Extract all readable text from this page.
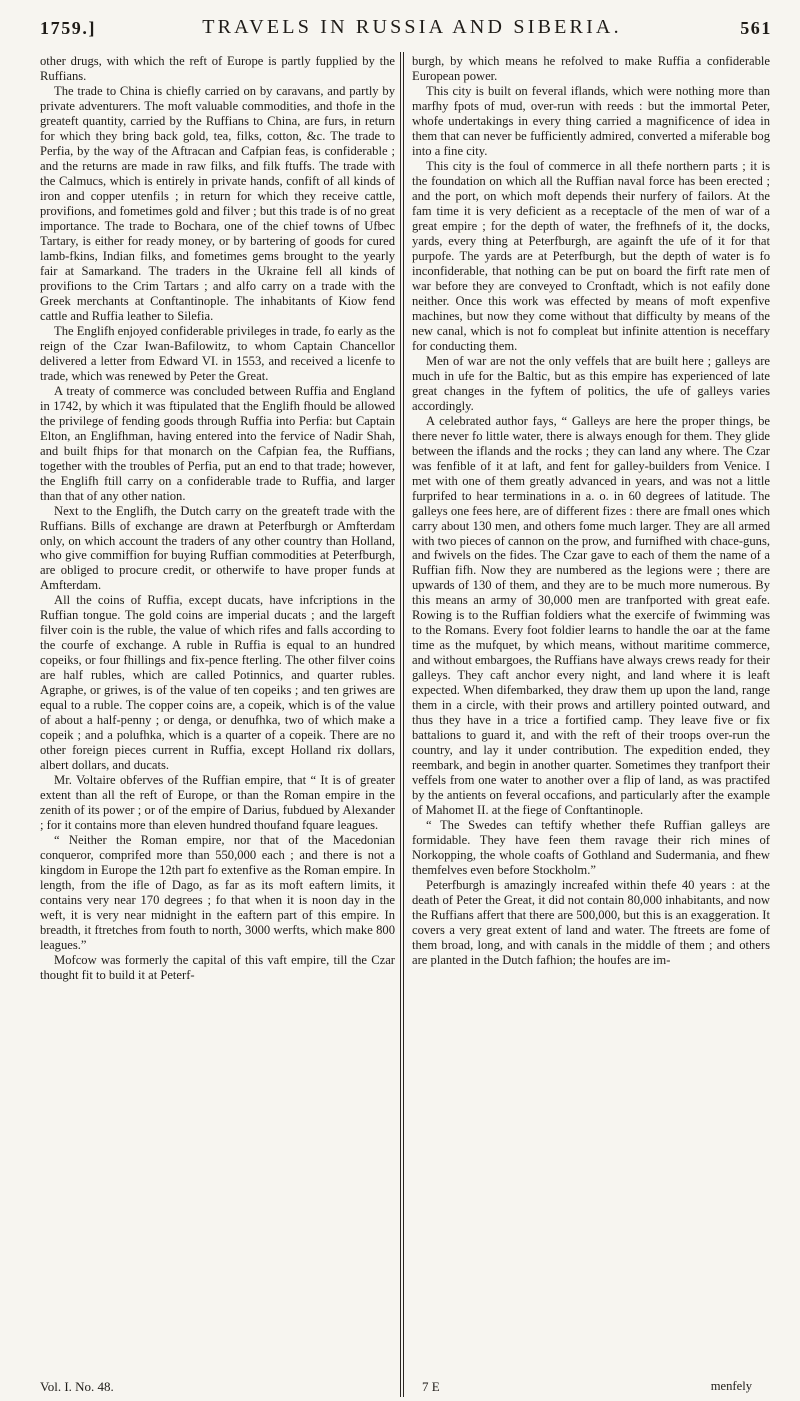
1759.]	TRAVELS IN RUSSIA AND SIBERIA.	561

other drugs, with which the reft of Europe is partly fupplied by the Ruffians.

The trade to China is chiefly carried on by caravans, and partly by private adventurers. The moft valuable commodities, and thofe in the greateft quantity, carried by the Ruffians to China, are furs, in return for which they bring back gold, tea, filks, cotton, &c. The trade to Perfia, by the way of the Aftracan and Cafpian feas, is confiderable ; and the returns are made in raw filks, and filk ftuffs. The trade with the Calmucs, which is entirely in private hands, confift of all kinds of iron and copper utenfils ; in return for which they receive cattle, provifions, and fometimes gold and filver ; but this trade is of no great importance. The trade to Bochara, one of the chief towns of Ufbec Tartary, is either for ready money, or by bartering of goods for cured lamb-fkins, Indian filks, and fometimes gems brought to the yearly fair at Samarkand. The traders in the Ukraine fell all kinds of provifions to the Crim Tartars ; and alfo carry on a trade with the Greek merchants at Conftantinople. The inhabitants of Kiow fend cattle and Ruffia leather to Silefia.

The Englifh enjoyed confiderable privileges in trade, fo early as the reign of the Czar Iwan-Bafilowitz, to whom Captain Chancellor delivered a letter from Edward VI. in 1553, and received a licenfe to trade, which was renewed by Peter the Great.

A treaty of commerce was concluded between Ruffia and England in 1742, by which it was ftipulated that the Englifh fhould be allowed the privilege of fending goods through Ruffia into Perfia: but Captain Elton, an Englifhman, having entered into the fervice of Nadir Shah, and built fhips for that monarch on the Cafpian fea, the Ruffians, together with the troubles of Perfia, put an end to that trade; however, the Englifh ftill carry on a confiderable trade to Ruffia, and larger than that of any other nation.

Next to the Englifh, the Dutch carry on the greateft trade with the Ruffians. Bills of exchange are drawn at Peterfburgh or Amfterdam only, on which account the traders of any other country than Holland, who give commiffion for buying Ruffian commodities at Peterfburgh, are obliged to procure credit, or otherwife to have proper funds at Amfterdam.

All the coins of Ruffia, except ducats, have infcriptions in the Ruffian tongue. The gold coins are imperial ducats ; and the largeft filver coin is the ruble, the value of which rifes and falls according to the courfe of exchange. A ruble in Ruffia is equal to an hundred copeiks, or four fhillings and fix-pence fterling. The other filver coins are half rubles, which are called Potinnics, and quarter rubles. Agraphe, or griwes, is of the value of ten copeiks ; and ten griwes are equal to a ruble. The copper coins are, a copeik, which is of the value of about a half-penny ; or denga, or denufhka, two of which make a copeik ; and a polufhka, which is a quarter of a copeik. There are no other foreign pieces current in Ruffia, except Holland rix dollars, albert dollars, and ducats.

Mr. Voltaire obferves of the Ruffian empire, that “ It is of greater extent than all the reft of Europe, or than the Roman empire in the zenith of its power ; or of the empire of Darius, fubdued by Alexander ; for it contains more than eleven hundred thoufand fquare leagues.

“ Neither the Roman empire, nor that of the Macedonian conqueror, comprifed more than 550,000 each ; and there is not a kingdom in Europe the 12th part fo extenfive as the Roman empire. In length, from the ifle of Dago, as far as its moft eaftern limits, it contains very near 170 degrees ; fo that when it is noon day in the weft, it is very near midnight in the eaftern part of this empire. In breadth, it ftretches from fouth to north, 3000 werfts, which make 800 leagues.”

Mofcow was formerly the capital of this vaft empire, till the Czar thought fit to build it at Peterf-

burgh, by which means he refolved to make Ruffia a confiderable European power.

This city is built on feveral iflands, which were nothing more than marfhy fpots of mud, over-run with reeds : but the immortal Peter, whofe undertakings in every thing carried a magnificence of idea in them that can never be fufficiently admired, converted a miferable bog into a fine city.

This city is the foul of commerce in all thefe northern parts ; it is the foundation on which all the Ruffian naval force has been erected ; and the port, on which moft depends their nurfery of failors. At the fam time it is very deficient as a receptacle of the men of war of a great empire ; for the depth of water, the frefhnefs of it, the docks, yards, every thing at Peterfburgh, are againft the ufe of it for that purpofe. The yards are at Peterfburgh, but the depth of water is fo inconfiderable, that nothing can be put on board the firft rate men of war before they are conveyed to Cronftadt, which is not eafily done neither. Once this work was effected by means of moft expenfive machines, but now they come without that difficulty by means of the new canal, which is not fo compleat but infinite attention is neceffary for conducting them.

Men of war are not the only veffels that are built here ; galleys are much in ufe for the Baltic, but as this empire has experienced of late great changes in the fyftem of politics, the ufe of galleys varies accordingly.

A celebrated author fays, “ Galleys are here the proper things, be there never fo little water, there is always enough for them. They glide between the iflands and the rocks ; they can land any where. The Czar was fenfible of it at laft, and fent for galley-builders from Venice. I met with one of them greatly advanced in years, and was not a little furprifed to hear terminations in a. o. in 60 degrees of latitude. The galleys one fees here, are of different fizes : there are fmall ones which carry about 130 men, and others fome much larger. They are all armed with two pieces of cannon on the prow, and furnifhed with chace-guns, and fwivels on the fides. The Czar gave to each of them the name of a Ruffian fifh. Now they are numbered as the legions were ; there are upwards of 130 of them, and they are to be much more numerous. By this means an army of 30,000 men are tranfported with great eafe. Rowing is to the Ruffian foldiers what the exercife of fwimming was to the Romans. Every foot foldier learns to handle the oar at the fame time as the mufquet, by which means, without maritime commerce, and without embargoes, the Ruffians have always crews ready for their galleys. They caft anchor every night, and land where it is leaft expected. When difembarked, they draw them up upon the land, range them in a circle, with their prows and artillery pointed outward, and thus they have in a trice a fortified camp. They leave five or fix battalions to guard it, and with the reft of their troops over-run the country, and lay it under contribution. The expedition ended, they reembark, and begin in another quarter. Sometimes they tranfport their veffels from one water to another over a flip of land, as was practifed by the antients on feveral occafions, and particularly after the example of Mahomet II. at the fiege of Conftantinople.

“ The Swedes can teftify whether thefe Ruffian galleys are formidable. They have feen them ravage their rich mines of Norkopping, the whole coafts of Gothland and Sudermania, and fhew themfelves even before Stockholm.”

Peterfburgh is amazingly increafed within thefe 40 years : at the death of Peter the Great, it did not contain 80,000 inhabitants, and now the Ruffians affert that there are 500,000, but this is an exaggeration. It covers a very great extent of land and water. The ftreets are fome of them broad, long, and with canals in the middle of them ; and others are planted in the Dutch fafhion; the houfes are im-

Vol. I. No. 48.	7 E	menfely
